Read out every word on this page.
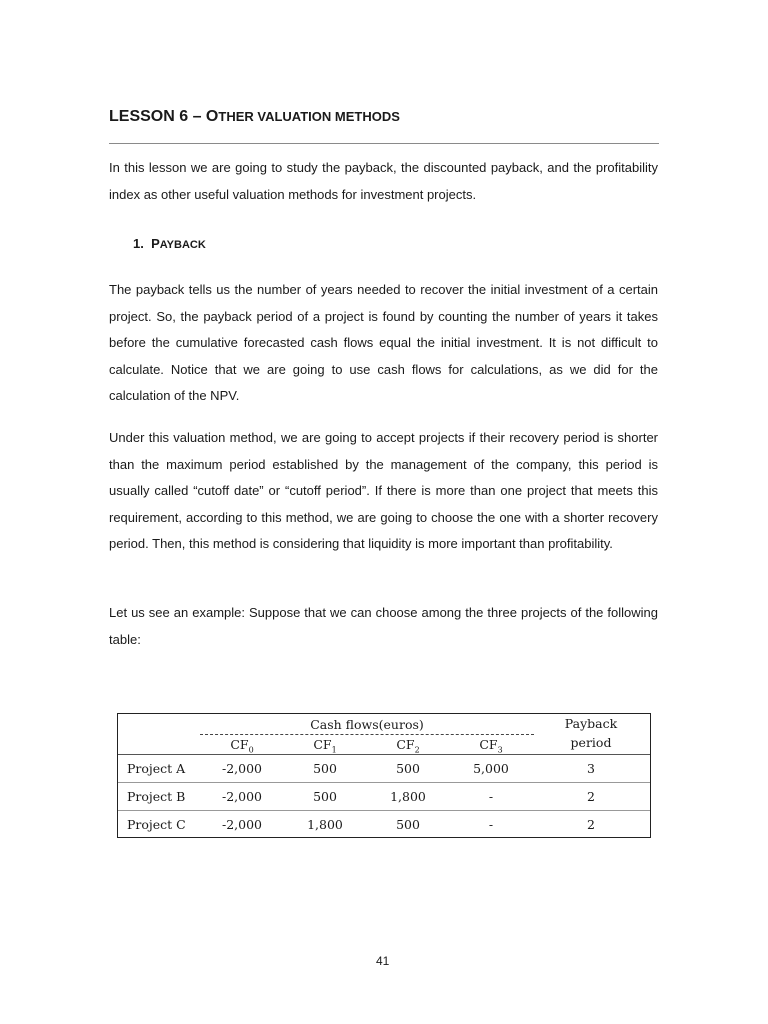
LESSON 6 – OTHER VALUATION METHODS

In this lesson we are going to study the payback, the discounted payback, and the profitability index as other useful valuation methods for investment projects.

1. PAYBACK

The payback tells us the number of years needed to recover the initial investment of a certain project. So, the payback period of a project is found by counting the number of years it takes before the cumulative forecasted cash flows equal the initial investment. It is not difficult to calculate. Notice that we are going to use cash flows for calculations, as we did for the calculation of the NPV.

Under this valuation method, we are going to accept projects if their recovery period is shorter than the maximum period established by the management of the company, this period is usually called “cutoff date” or “cutoff period”. If there is more than one project that meets this requirement, according to this method, we are going to choose the one with a shorter recovery period. Then, this method is considering that liquidity is more important than profitability.

Let us see an example: Suppose that we can choose among the three projects of the following table:

Cash flows(euros)	Payback
period
$CF_0$	$CF_1$	$CF_2$	$CF_3$
Project A	-2,000	500	500	5,000	3
Project B	-2,000	500	1,800	-	2
Project C	-2,000	1,800	500	-	2
41
